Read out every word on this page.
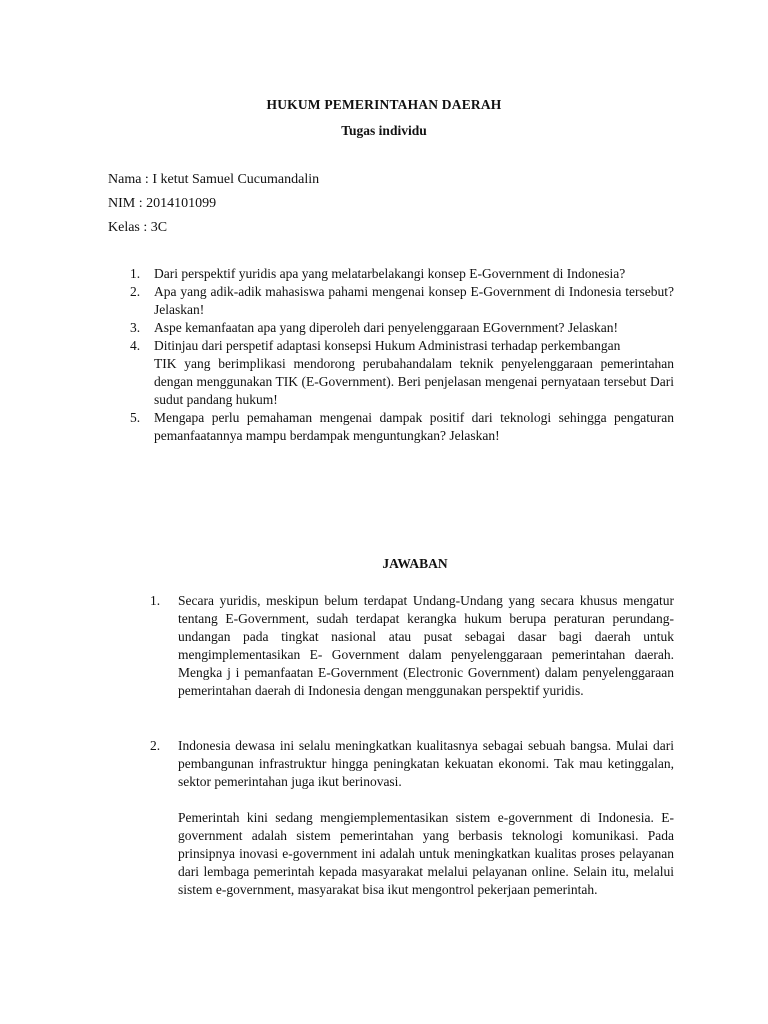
HUKUM PEMERINTAHAN DAERAH
Tugas individu
Nama : I ketut Samuel Cucumandalin
NIM : 2014101099
Kelas : 3C
1. Dari perspektif yuridis apa yang melatarbelakangi konsep E-Government di Indonesia?

2. Apa yang adik-adik mahasiswa pahami mengenai konsep E-Government di Indonesia tersebut?Jelaskan!

3. Aspe kemanfaatan apa yang diperoleh dari penyelenggaraan EGovernment? Jelaskan!

4. Ditinjau dari perspetif adaptasi konsepsi Hukum Administrasi terhadap perkembangan

TIK yang berimplikasi mendorong perubahandalam teknik penyelenggaraan pemerintahan dengan menggunakan TIK (E-Government). Beri penjelasan mengenai pernyataan tersebut Dari sudut pandang hukum!

5. Mengapa perlu pemahaman mengenai dampak positif dari teknologi sehingga pengaturan pemanfaatannya mampu berdampak menguntungkan? Jelaskan!

JAWABAN
1. Secara yuridis, meskipun belum terdapat Undang-Undang yang secara khusus mengatur tentang E-Government, sudah terdapat kerangka hukum berupa peraturan perundang-undangan pada tingkat nasional atau pusat sebagai dasar bagi daerah untuk mengimplementasikan E- Government dalam penyelenggaraan pemerintahan daerah. Mengka j i pemanfaatan E-Government (Electronic Government) dalam penyelenggaraan pemerintahan daerah di Indonesia dengan menggunakan perspektif yuridis.

2. Indonesia dewasa ini selalu meningkatkan kualitasnya sebagai sebuah bangsa. Mulai dari pembangunan infrastruktur hingga peningkatan kekuatan ekonomi. Tak mau ketinggalan, sektor pemerintahan juga ikut berinovasi.

Pemerintah kini sedang mengiemplementasikan sistem e-government di Indonesia. E-government adalah sistem pemerintahan yang berbasis teknologi komunikasi. Pada prinsipnya inovasi e-government ini adalah untuk meningkatkan kualitas proses pelayanan dari lembaga pemerintah kepada masyarakat melalui pelayanan online. Selain itu, melalui sistem e-government, masyarakat bisa ikut mengontrol pekerjaan pemerintah.
